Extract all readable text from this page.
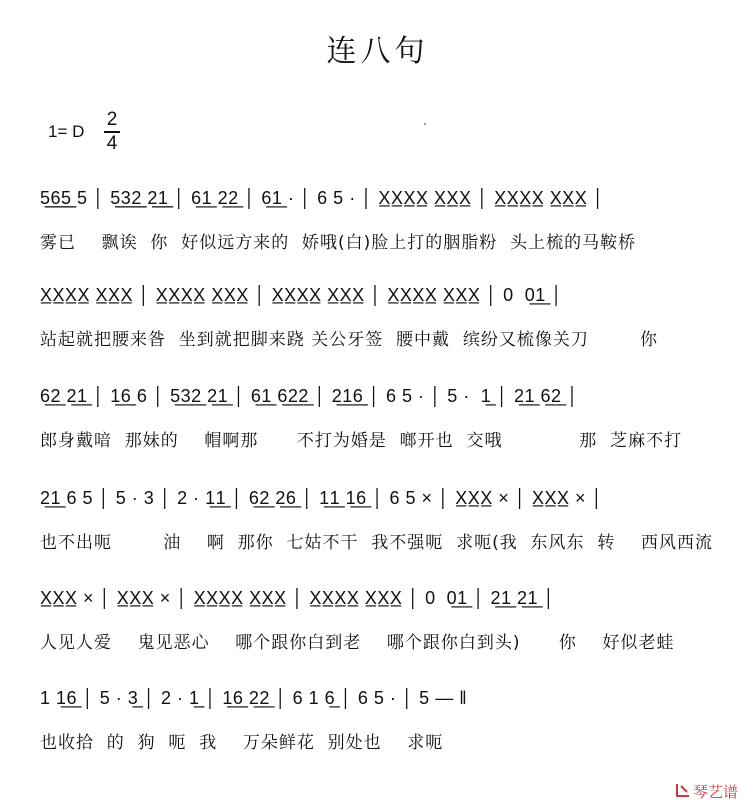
连八句
1= D
2
4
5̲̲6̲̲5̲̲ 5 │ 5̲̲3̲̲2̲̲ 2̲̲1̲̲ │ 6̲1̲ 2̲2̲ │ 6̲1̲ · │ 6 5 · │ X̲X̲X̲X̲ X̲X̲X̲ │ X̲X̲X̲X̲ X̲X̲X̲ │
雾已    飘诶  你  好似远方来的  娇哦(白)脸上打的胭脂粉  头上梳的马鞍桥
X̲X̲X̲X̲ X̲X̲X̲ │ X̲X̲X̲X̲ X̲X̲X̲ │ X̲X̲X̲X̲ X̲X̲X̲ │ X̲X̲X̲X̲ X̲X̲X̲ │ 0  0̲1̲ │
站起就把腰来昝  坐到就把脚来跷 关公牙签  腰中戴  缤纷又梳像关刀        你
6̲2̲ 2̲1̲ │ 1̲6̲ 6 │ 5̲3̲2̲ 2̲1̲ │ 6̲1̲ 6̲2̲2̲ │ 2̲1̲6̲ │ 6 5 · │ 5 ·  1̲ │ 2̲1̲ 6̲2̲ │
郎身戴喑  那妹的    帽啊那      不打为婚是  啷开也  交哦            那  芝麻不打
2̲1̲ 6 5 │ 5 · 3 │ 2 · 1̲1̲ │ 6̲2̲ 2̲6̲ │ 1̲1̲ 1̲6̲ │ 6 5 × │ X̲X̲X̲ × │ X̲X̲X̲ × │
也不出呃        油    啊  那你  七姑不干  我不强呃  求呃(我  东风东  转    西风西流
X̲X̲X̲ × │ X̲X̲X̲ × │ X̲X̲X̲X̲ X̲X̲X̲ │ X̲X̲X̲X̲ X̲X̲X̲ │ 0  0̲1̲ │ 2̲1̲ 2̲1̲ │
人见人爱    鬼见恶心    哪个跟你白到老    哪个跟你白到头)      你    好似老蛙
1 1̲6̲ │ 5 · 3̲ │ 2 · 1̲ │ 1̲6̲ 2̲2̲ │ 6 1 6̲ │ 6 5 · │ 5 — ‖
也收拾  的  狗  呃  我    万朵鲜花  别处也    求呃
琴艺谱
